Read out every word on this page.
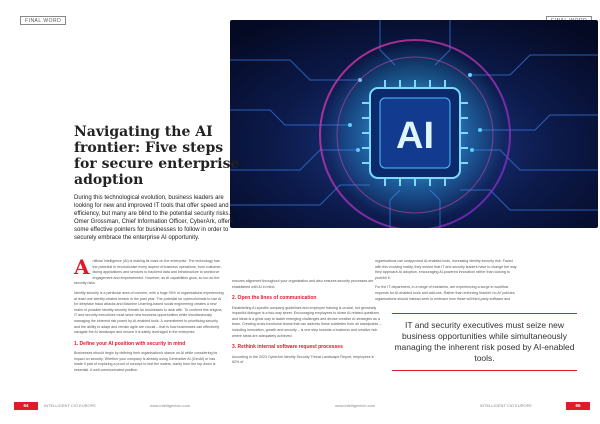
FINAL WORD
AI
Navigating the AI frontier: Five steps for secure enterprise adoption
During this technological evolution, business leaders are looking for new and improved IT tools that offer speed and efficiency, but many are blind to the potential security risks. Omer Grossman, Chief Information Officer, CyberArk, offers some effective pointers for businesses to follow in order to securely embrace the enterprise AI opportunity.

Artificial Intelligence (AI) is making its mark on the enterprise. The technology has the potential to revolutionise every aspect of business operations, from customer-facing applications and services to backend data and infrastructure to workforce engagement and empowerment. However, as AI capabilities grow, so too do the security risks.

Identity security is a particular area of concern, with a huge 93% of organisations experiencing at least one identity-related breach in the past year. The potential for cybercriminals to use AI for deepfake fraud attacks and Machine Learning-based social engineering creates a new realm of possible identity security threats for businesses to deal with. To confront this enigma, IT and security executives must seize new business opportunities while simultaneously managing the inherent risk posed by AI-enabled tools. A commitment to prioritising security and the ability to adapt and remain agile are crucial – that is how businesses can effectively navigate the AI landscape and ensure it is safely leveraged in the enterprise.

1. Define your AI position with security in mind

Businesses should begin by defining their organisation's stance on AI while considering its impact on security. Whether your company is already using Generative AI (GenAI) or has made it part of exploring a proof of concept to test the waters, clarity from the top down is essential. A well-communicated position

ensures alignment throughout your organisation and also ensures security processes are established with AI in mind.

2. Open the lines of communication

Establishing AI-specific company guidelines and employee training is crucial, but genuinely impactful dialogue is a two-way street. Encouraging employees to share AI-related questions and ideas is a great way to tackle emerging challenges and devise creative AI strategies as a team. Creating cross-functional teams that can address these subtleties from all standpoints – including innovation, growth and security – is one step towards a business and creative hub where ideas are adequately achieved.

3. Rethink internal software request processes

According to the 2023 CyberArk Identity Security Threat Landscape Report, employees in 62% of

organisations use unapproved AI-enabled tools, increasing identity security risk. Faced with this evolving reality, they ensure that IT and security leaders have to change the way they approach AI adoption, encouraging AI-powered innovation rather than looking to prohibit it.

For the IT department, in a range of industries, are experiencing a surge in workflow requests for AI-enabled tools and add-ons. Rather than enforcing blanket 'no AI' policies, organisations should instead seek to embrace how these will third-party software and

IT and security executives must seize new business opportunities while simultaneously managing the inherent risk posed by AI-enabled tools.
64	INTELLIGENT CIO EUROPE	www.intelligentcio.com	www.intelligentcio.com	INTELLIGENT CIO EUROPE	65
